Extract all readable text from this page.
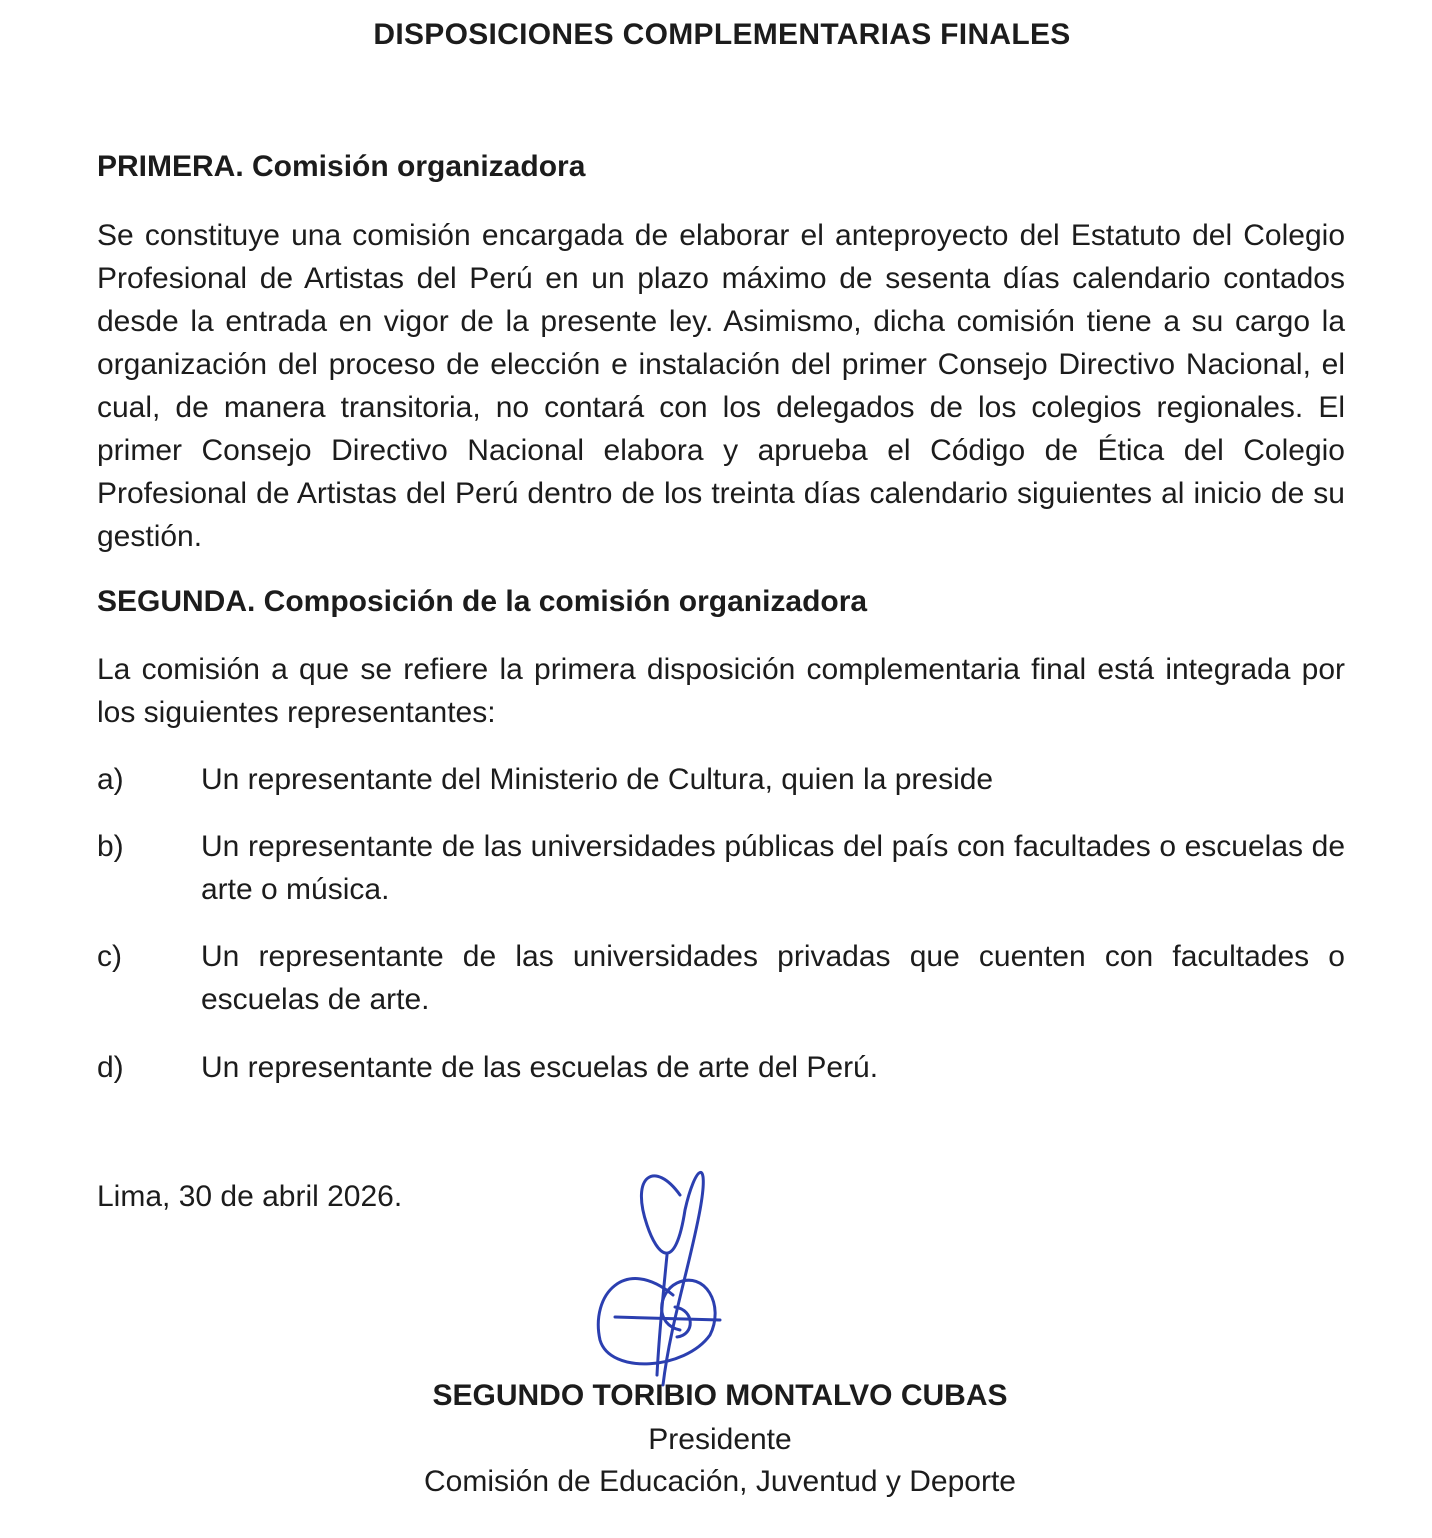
DISPOSICIONES COMPLEMENTARIAS FINALES
PRIMERA. Comisión organizadora

Se constituye una comisión encargada de elaborar el anteproyecto del Estatuto del Colegio Profesional de Artistas del Perú en un plazo máximo de sesenta días calendario contados desde la entrada en vigor de la presente ley. Asimismo, dicha comisión tiene a su cargo la organización del proceso de elección e instalación del primer Consejo Directivo Nacional, el cual, de manera transitoria, no contará con los delegados de los colegios regionales. El primer Consejo Directivo Nacional elabora y aprueba el Código de Ética del Colegio Profesional de Artistas del Perú dentro de los treinta días calendario siguientes al inicio de su gestión.

SEGUNDA. Composición de la comisión organizadora

La comisión a que se refiere la primera disposición complementaria final está integrada por los siguientes representantes:

a)	Un representante del Ministerio de Cultura, quien la preside
b)	Un representante de las universidades públicas del país con facultades o escuelas de arte o música.
c)	Un representante de las universidades privadas que cuenten con facultades o escuelas de arte.
d)	Un representante de las escuelas de arte del Perú.

Lima, 30 de abril 2026.

SEGUNDO TORIBIO MONTALVO CUBAS

Presidente

Comisión de Educación, Juventud y Deporte
